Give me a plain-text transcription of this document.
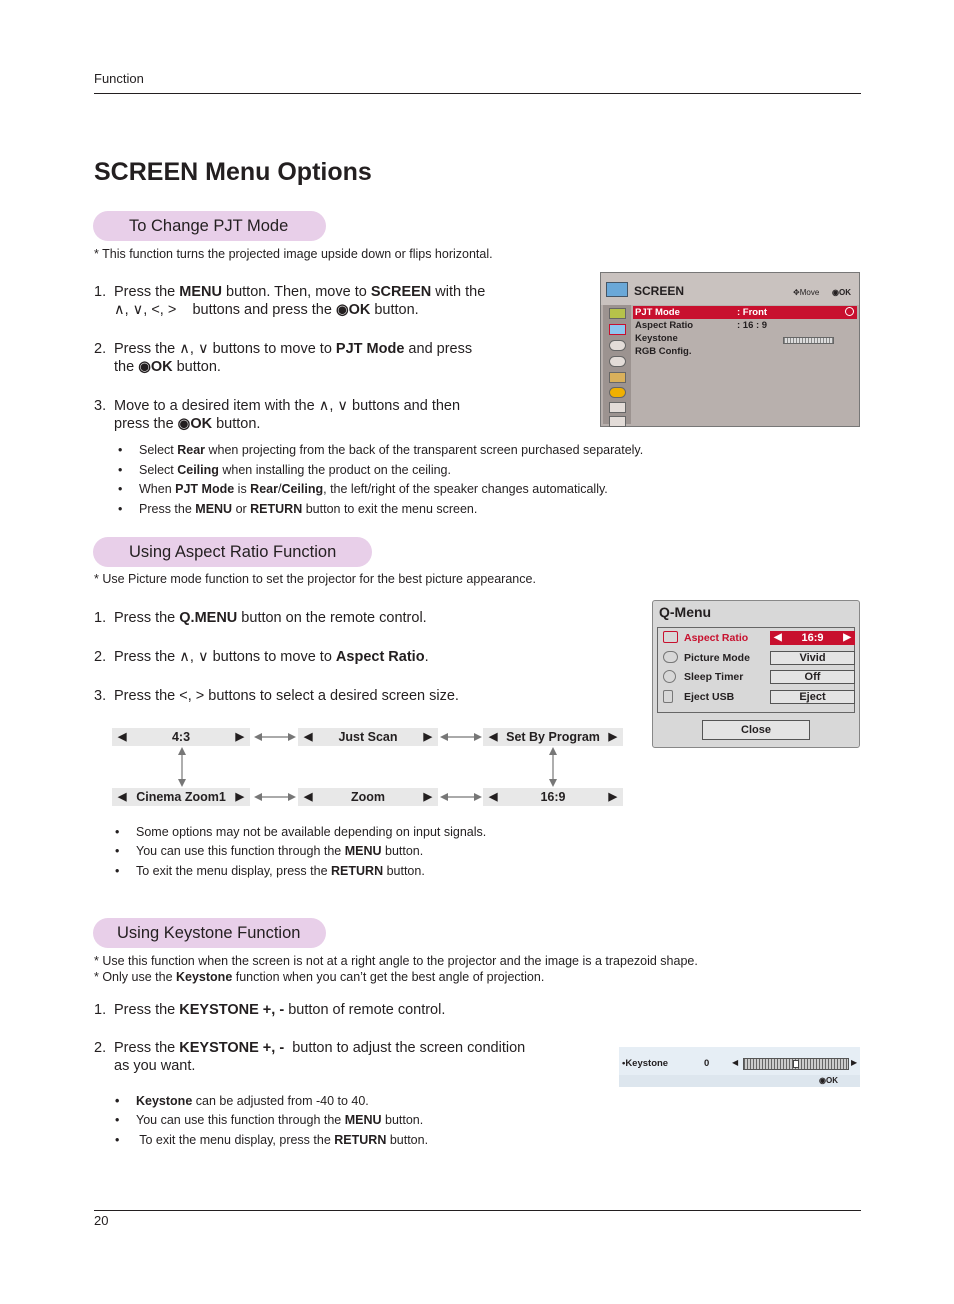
Function
SCREEN Menu Options
To Change PJT Mode
* This function turns the projected image upside down or flips horizontal.
1. Press the MENU button. Then, move to SCREEN with the
∧, ∨, <, >    buttons and press the ◉OK button.
2. Press the ∧, ∨ buttons to move to PJT Mode and press
the ◉OK button.
3. Move to a desired item with the ∧, ∨ buttons and then
press the ◉OK button.
• Select Rear when projecting from the back of the transparent screen purchased separately.
• Select Ceiling when installing the product on the ceiling.
• When PJT Mode is Rear/Ceiling, the left/right of the speaker changes automatically.
• Press the MENU or RETURN button to exit the menu screen.
SCREEN	✥Move ◉OK
PJT Mode	: Front
Aspect Ratio	: 16 : 9
Keystone
RGB Config.
Using Aspect Ratio Function
* Use Picture mode function to set the projector for the best picture appearance.
1. Press the Q.MENU button on the remote control.
2. Press the ∧, ∨ buttons to move to Aspect Ratio.
3. Press the <, > buttons to select a desired screen size.
◀	4:3	▶	◀	Just Scan	▶	◀ Set By Program ▶
◀ Cinema Zoom1 ▶	◀	Zoom	▶	◀	16:9	▶
• Some options may not be available depending on input signals.
• You can use this function through the MENU button.
• To exit the menu display, press the RETURN button.
Q-Menu
Aspect Ratio	◀ 16:9 ▶
Picture Mode	Vivid
Sleep Timer	Off
Eject USB	Eject
Close
Using Keystone Function
* Use this function when the screen is not at a right angle to the projector and the image is a trapezoid shape.
* Only use the Keystone function when you can’t get the best angle of projection.
1. Press the KEYSTONE +, - button of remote control.
2. Press the KEYSTONE +, -  button to adjust the screen condition
as you want.
• Keystone can be adjusted from -40 to 40.
• You can use this function through the MENU button.
• To exit the menu display, press the RETURN button.
•Keystone	0	◀	▶
◉OK
20
